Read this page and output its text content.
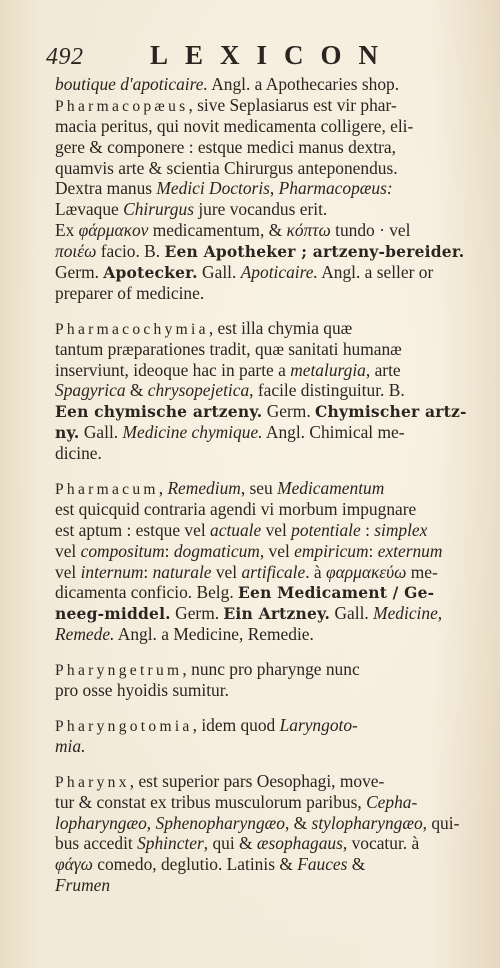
492 LEXICON
boutique d'apoticaire. Angl. a Apothecaries shop.
Pharmacopæus, sive Seplasiarus est vir phar-
macia peritus, qui novit medicamenta colligere, eli-
gere & componere : estque medici manus dextra,
quamvis arte & scientia Chirurgus anteponendus.
Dextra manus Medici Doctoris, Pharmacopæus:
Lævaque Chirurgus jure vocandus erit.
Ex φάρμακον medicamentum, & κόπτω tundo · vel
ποιέω facio. B. Een Apotheker ; artzeny-bereider.
Germ. Apotecker. Gall. Apoticaire. Angl. a seller or
preparer of medicine.
Pharmacochymia, est illa chymia quæ
tantum præparationes tradit, quæ sanitati humanæ
inserviunt, ideoque hac in parte a metalurgia, arte
Spagyrica & chrysopejetica, facile distinguitur. B.
Een chymische artzeny. Germ. Chymischer artz-
ny. Gall. Medicine chymique. Angl. Chimical me-
dicine.
Pharmacum, Remedium, seu Medicamentum
est quicquid contraria agendi vi morbum impugnare
est aptum : estque vel actuale vel potentiale : simplex
vel compositum: dogmaticum, vel empiricum: externum
vel internum: naturale vel artificale. à φαρμακεύω me-
dicamenta conficio. Belg. Een Medicament / Ge-
neeg-middel. Germ. Ein Artzney. Gall. Medicine,
Remede. Angl. a Medicine, Remedie.
Pharyngetrum, nunc pro pharynge nunc
pro osse hyoidis sumitur.
Pharyngotomia, idem quod Laryngoto-
mia.
Pharynx, est superior pars Oesophagi, move-
tur & constat ex tribus musculorum paribus, Cepha-
lopharyngæo, Sphenopharyngæo, & stylopharyngæo, qui-
bus accedit Sphincter, qui & æsophagaus, vocatur. à
φάγω comedo, deglutio. Latinis & Fauces &
Frumen
